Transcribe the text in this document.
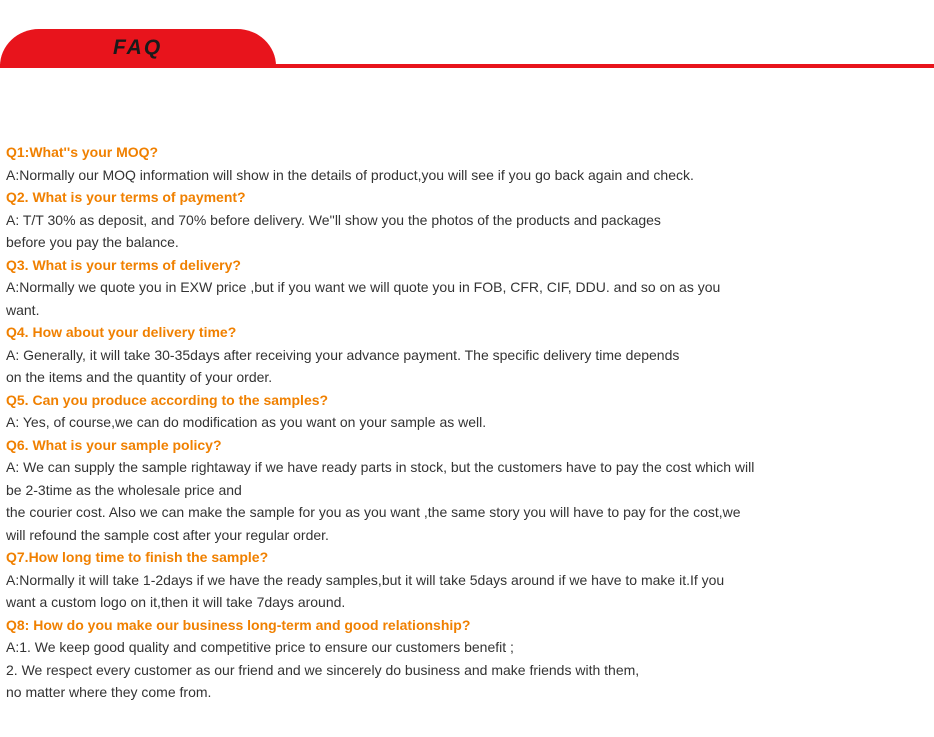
FAQ
Q1:What''s your MOQ?
A:Normally our MOQ information will show in the details of product,you will see if you go back again and check.
Q2. What is your terms of payment?
A: T/T 30% as deposit, and 70% before delivery. We''ll show you the photos of the products and packages
before you pay the balance.
Q3. What is your terms of delivery?
A:Normally we quote you in EXW price ,but if you want we will quote you in FOB, CFR, CIF, DDU. and so on as you
want.
Q4. How about your delivery time?
A: Generally, it will take 30-35days after receiving your advance payment. The specific delivery time depends
on the items and the quantity of your order.
Q5. Can you produce according to the samples?
A: Yes, of course,we can do modification as you want on your sample as well.
Q6. What is your sample policy?
A: We can supply the sample rightaway if we have ready parts in stock, but the customers have to pay the cost which will
be 2-3time as the wholesale price and
the courier cost. Also we can make the sample for you as you want ,the same story you will have to pay for the cost,we
will refound the sample cost after your regular order.
Q7.How long time to finish the sample?
A:Normally it will take 1-2days if we have the ready samples,but it will take 5days around if we have to make it.If you
want a custom logo on it,then it will take 7days around.
Q8: How do you make our business long-term and good relationship?
A:1. We keep good quality and competitive price to ensure our customers benefit ;
2. We respect every customer as our friend and we sincerely do business and make friends with them,
no matter where they come from.
